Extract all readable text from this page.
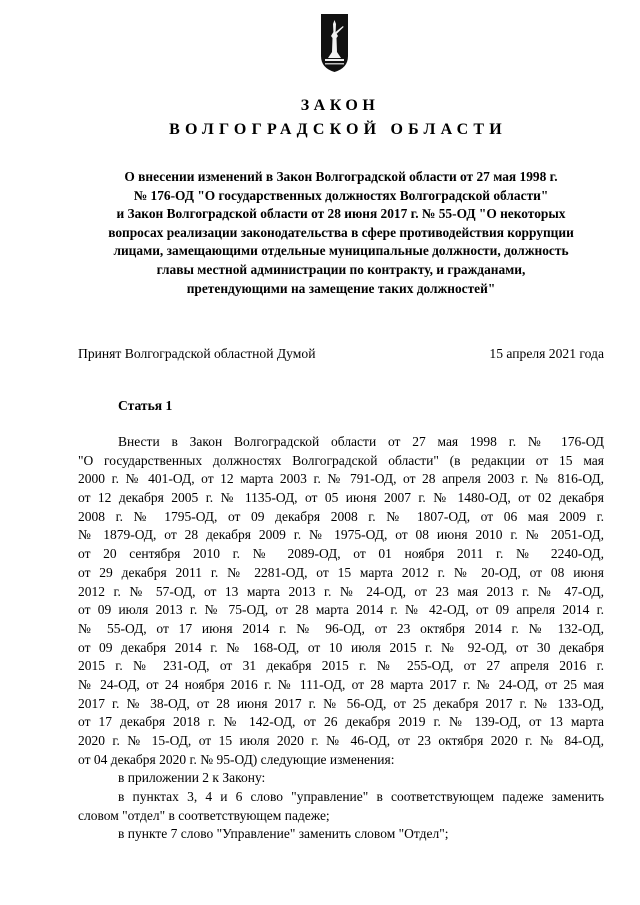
ЗАКОН
ВОЛГОГРАДСКОЙ ОБЛАСТИ
О внесении изменений в Закон Волгоградской области от 27 мая 1998 г.
№ 176-ОД "О государственных должностях Волгоградской области"
и Закон Волгоградской области от 28 июня 2017 г. № 55-ОД "О некоторых
вопросах реализации законодательства в сфере противодействия коррупции
лицами, замещающими отдельные муниципальные должности, должность
главы местной администрации по контракту, и гражданами,
претендующими на замещение таких должностей"
Принят Волгоградской областной Думой	15 апреля 2021 года
Статья 1
Внести в Закон Волгоградской области от 27 мая 1998 г. № 176-ОД
"О государственных должностях Волгоградской области" (в редакции от 15 мая
2000 г. № 401-ОД, от 12 марта 2003 г. № 791-ОД, от 28 апреля 2003 г. № 816-ОД,
от 12 декабря 2005 г. № 1135-ОД, от 05 июня 2007 г. № 1480-ОД, от 02 декабря
2008 г. № 1795-ОД, от 09 декабря 2008 г. № 1807-ОД, от 06 мая 2009 г.
№ 1879-ОД, от 28 декабря 2009 г. № 1975-ОД, от 08 июня 2010 г. № 2051-ОД,
от 20 сентября 2010 г. № 2089-ОД, от 01 ноября 2011 г. № 2240-ОД,
от 29 декабря 2011 г. № 2281-ОД, от 15 марта 2012 г. № 20-ОД, от 08 июня
2012 г. № 57-ОД, от 13 марта 2013 г. № 24-ОД, от 23 мая 2013 г. № 47-ОД,
от 09 июля 2013 г. № 75-ОД, от 28 марта 2014 г. № 42-ОД, от 09 апреля 2014 г.
№ 55-ОД, от 17 июня 2014 г. № 96-ОД, от 23 октября 2014 г. № 132-ОД,
от 09 декабря 2014 г. № 168-ОД, от 10 июля 2015 г. № 92-ОД, от 30 декабря
2015 г. № 231-ОД, от 31 декабря 2015 г. № 255-ОД, от 27 апреля 2016 г.
№ 24-ОД, от 24 ноября 2016 г. № 111-ОД, от 28 марта 2017 г. № 24-ОД, от 25 мая
2017 г. № 38-ОД, от 28 июня 2017 г. № 56-ОД, от 25 декабря 2017 г. № 133-ОД,
от 17 декабря 2018 г. № 142-ОД, от 26 декабря 2019 г. № 139-ОД, от 13 марта
2020 г. № 15-ОД, от 15 июля 2020 г. № 46-ОД, от 23 октября 2020 г. № 84-ОД,
от 04 декабря 2020 г. № 95-ОД) следующие изменения:
в приложении 2 к Закону:
в пунктах 3, 4 и 6 слово "управление" в соответствующем падеже заменить
словом "отдел" в соответствующем падеже;
в пункте 7 слово "Управление" заменить словом "Отдел";
